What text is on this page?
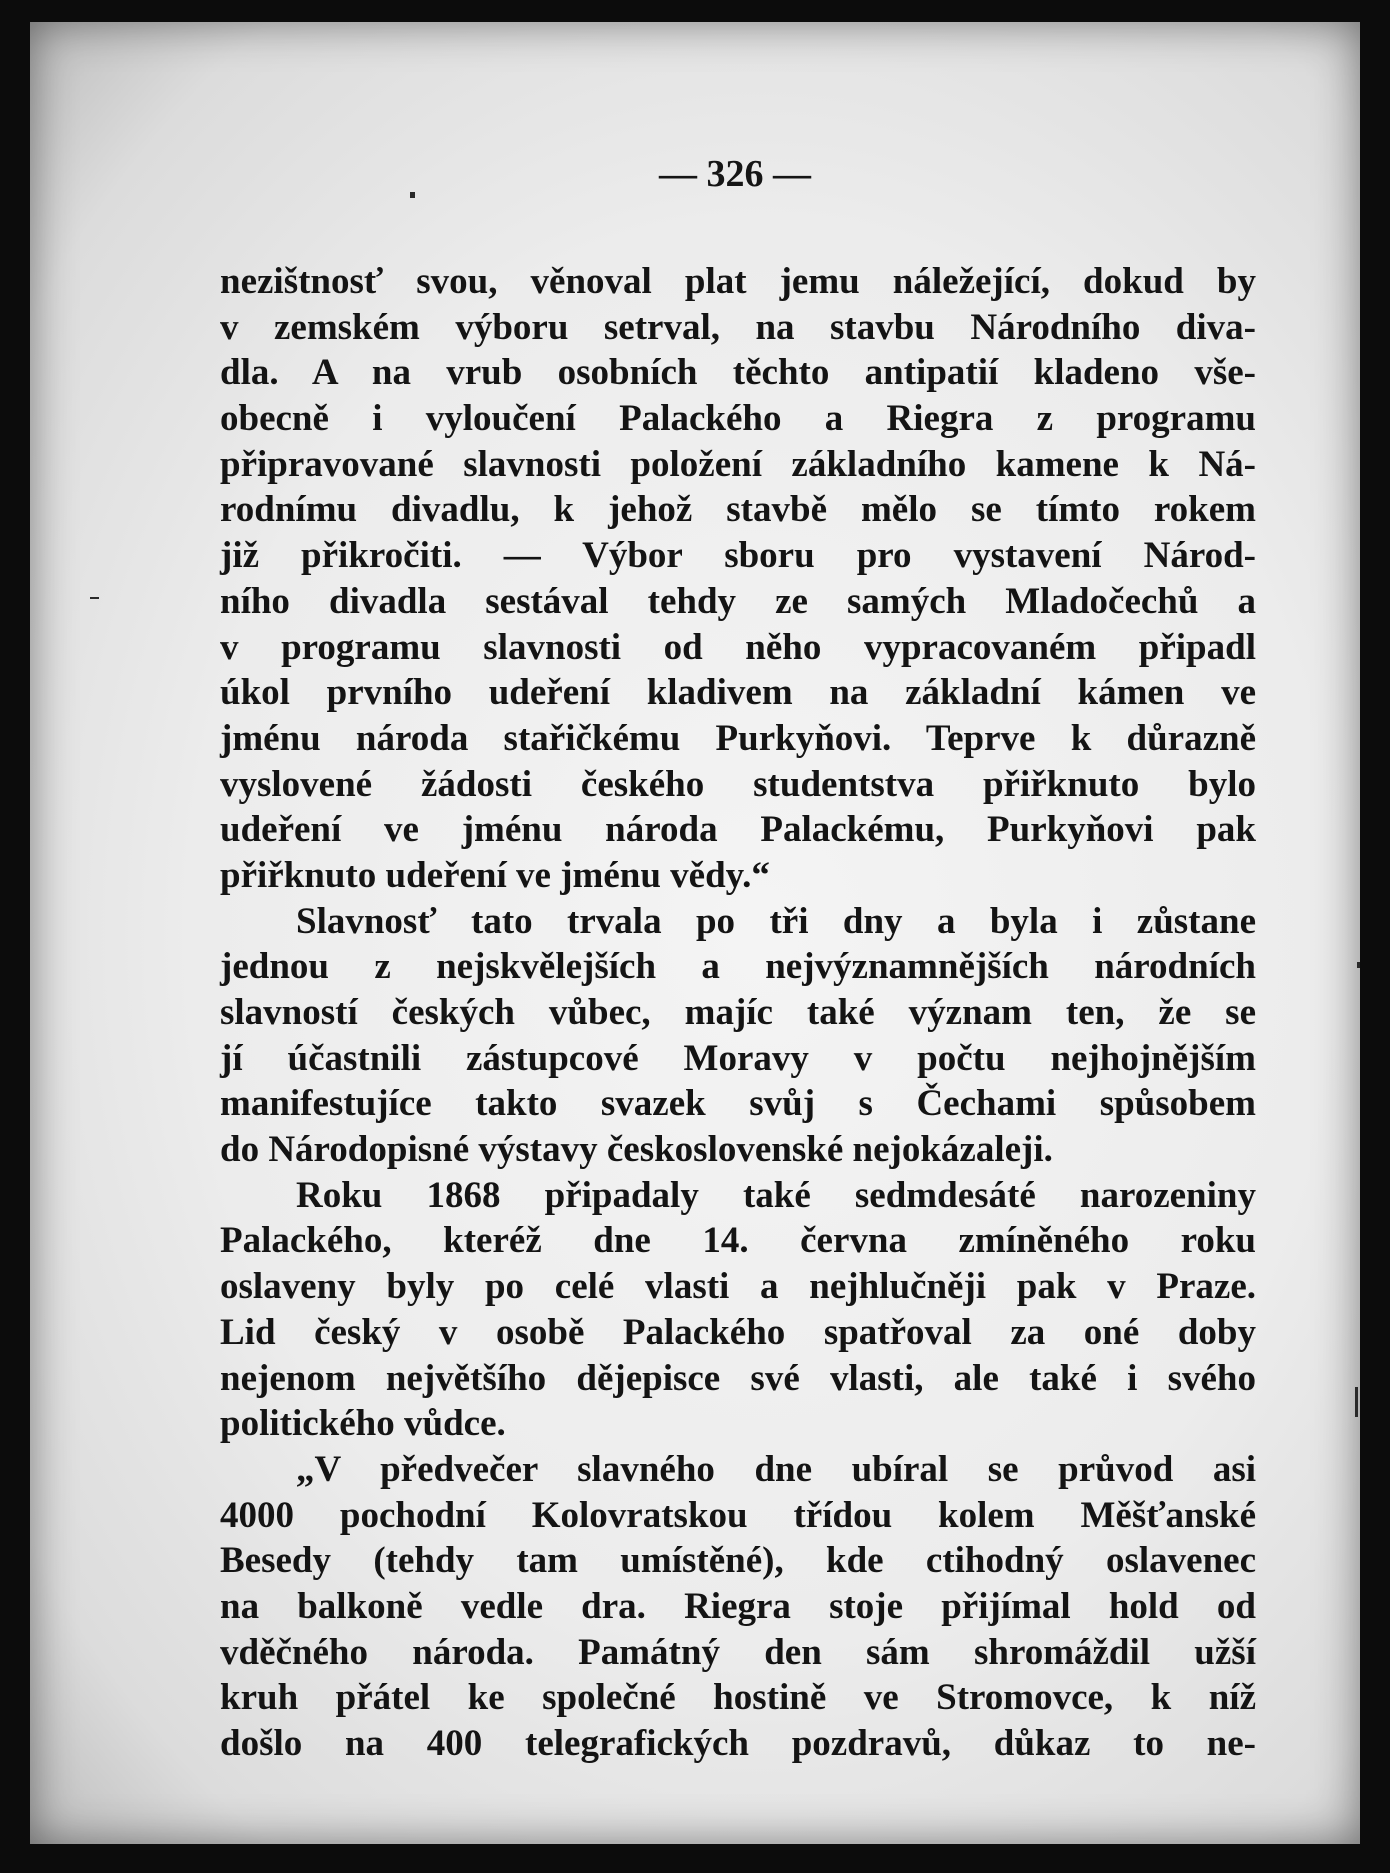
— 326 —
nezištnosť svou, věnoval plat jemu náležející, dokud by
v zemském výboru setrval, na stavbu Národního diva-
dla. A na vrub osobních těchto antipatií kladeno vše-
obecně i vyloučení Palackého a Riegra z programu
připravované slavnosti položení základního kamene k Ná-
rodnímu divadlu, k jehož stavbě mělo se tímto rokem
již přikročiti. — Výbor sboru pro vystavení Národ-
ního divadla sestával tehdy ze samých Mladočechů a
v programu slavnosti od něho vypracovaném připadl
úkol prvního udeření kladivem na základní kámen ve
jménu národa stařičkému Purkyňovi. Teprve k důrazně
vyslovené žádosti českého studentstva přiřknuto bylo
udeření ve jménu národa Palackému, Purkyňovi pak
přiřknuto udeření ve jménu vědy.“
Slavnosť tato trvala po tři dny a byla i zůstane
jednou z nejskvělejších a nejvýznamnějších národních
slavností českých vůbec, majíc také význam ten, že se
jí účastnili zástupcové Moravy v počtu nejhojnějším
manifestujíce takto svazek svůj s Čechami spůsobem
do Národopisné výstavy československé nejokázaleji.
Roku 1868 připadaly také sedmdesáté narozeniny
Palackého, kteréž dne 14. června zmíněného roku
oslaveny byly po celé vlasti a nejhlučněji pak v Praze.
Lid český v osobě Palackého spatřoval za oné doby
nejenom největšího dějepisce své vlasti, ale také i svého
politického vůdce.
„V předvečer slavného dne ubíral se průvod asi
4000 pochodní Kolovratskou třídou kolem Měšťanské
Besedy (tehdy tam umístěné), kde ctihodný oslavenec
na balkoně vedle dra. Riegra stoje přijímal hold od
vděčného národa. Památný den sám shromáždil užší
kruh přátel ke společné hostině ve Stromovce, k níž
došlo na 400 telegrafických pozdravů, důkaz to ne-
